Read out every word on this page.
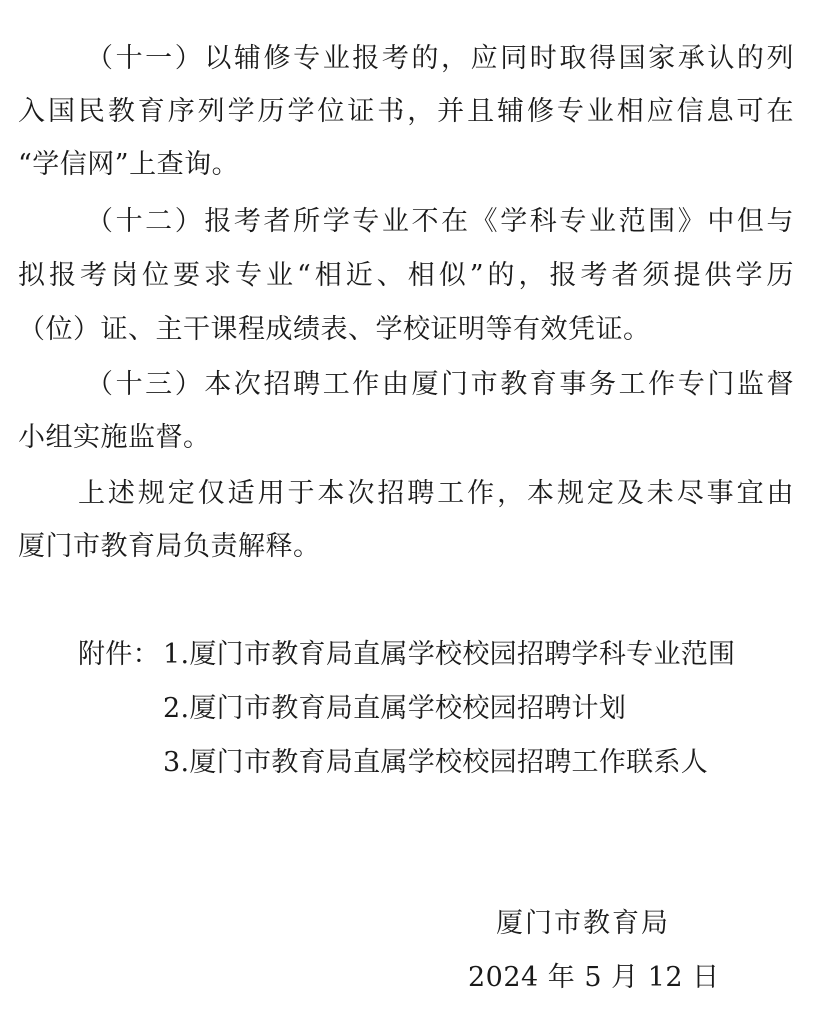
（十一）以辅修专业报考的，应同时取得国家承认的列
入国民教育序列学历学位证书，并且辅修专业相应信息可在
“学信网”上查询。
（十二）报考者所学专业不在《学科专业范围》中但与
拟报考岗位要求专业“相近、相似”的，报考者须提供学历
（位）证、主干课程成绩表、学校证明等有效凭证。
（十三）本次招聘工作由厦门市教育事务工作专门监督
小组实施监督。
上述规定仅适用于本次招聘工作，本规定及未尽事宜由
厦门市教育局负责解释。
附件： 1.厦门市教育局直属学校校园招聘学科专业范围
2.厦门市教育局直属学校校园招聘计划
3.厦门市教育局直属学校校园招聘工作联系人
厦门市教育局
2024 年 5 月 12 日
